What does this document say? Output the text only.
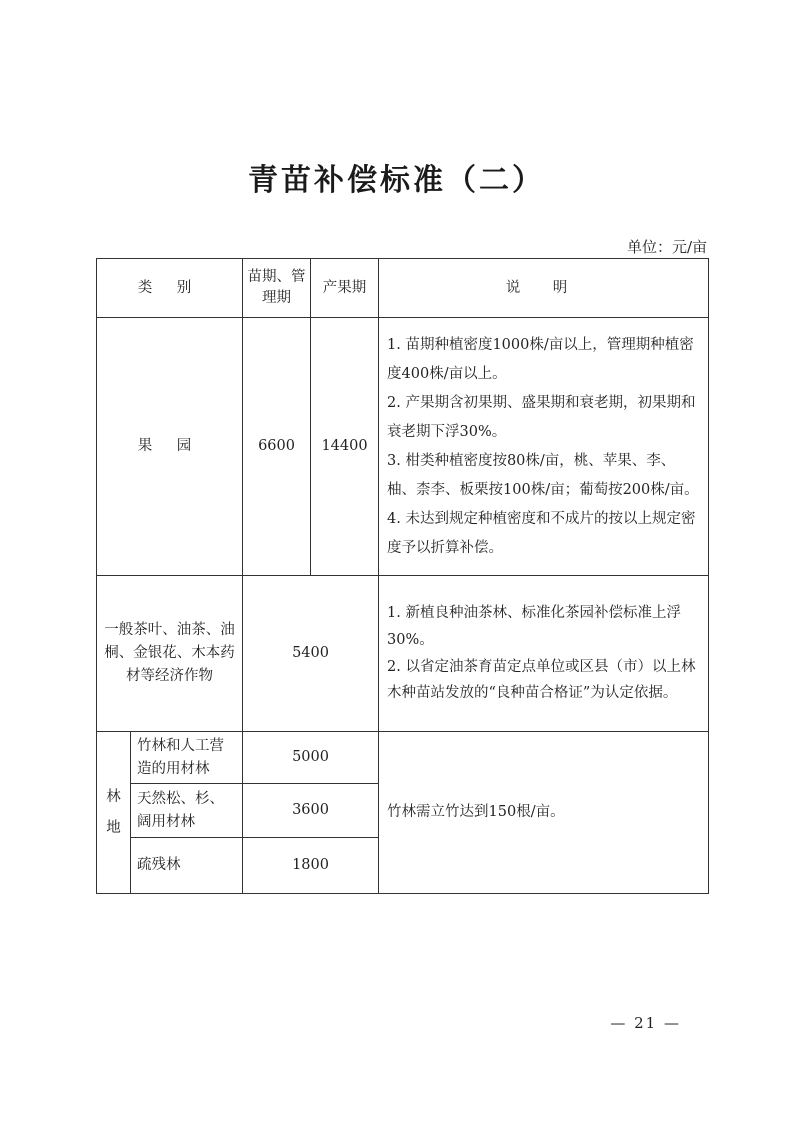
青苗补偿标准（二）
单位：元/亩
类 别		苗期、管理期	产果期	说 明
果 园		6600	14400	1. 苗期种植密度1000株/亩以上，管理期种植密度400株/亩以上。
2. 产果期含初果期、盛果期和衰老期，初果期和衰老期下浮30%。
3. 柑类种植密度按80株/亩，桃、苹果、李、柚、柰李、板栗按100株/亩；葡萄按200株/亩。
4. 未达到规定种植密度和不成片的按以上规定密度予以折算补偿。

一般茶叶、油茶、油桐、金银花、木本药材等经济作物		5400		1. 新植良种油茶林、标准化茶园补偿标准上浮30%。
2. 以省定油茶育苗定点单位或区县（市）以上林木种苗站发放的“良种苗合格证”为认定依据。

林
地	竹林和人工营造的用材林	5000		竹林需立竹达到150根/亩。
	天然松、杉、阔用材林	3600		
	疏残林	1800		
— 21 —
